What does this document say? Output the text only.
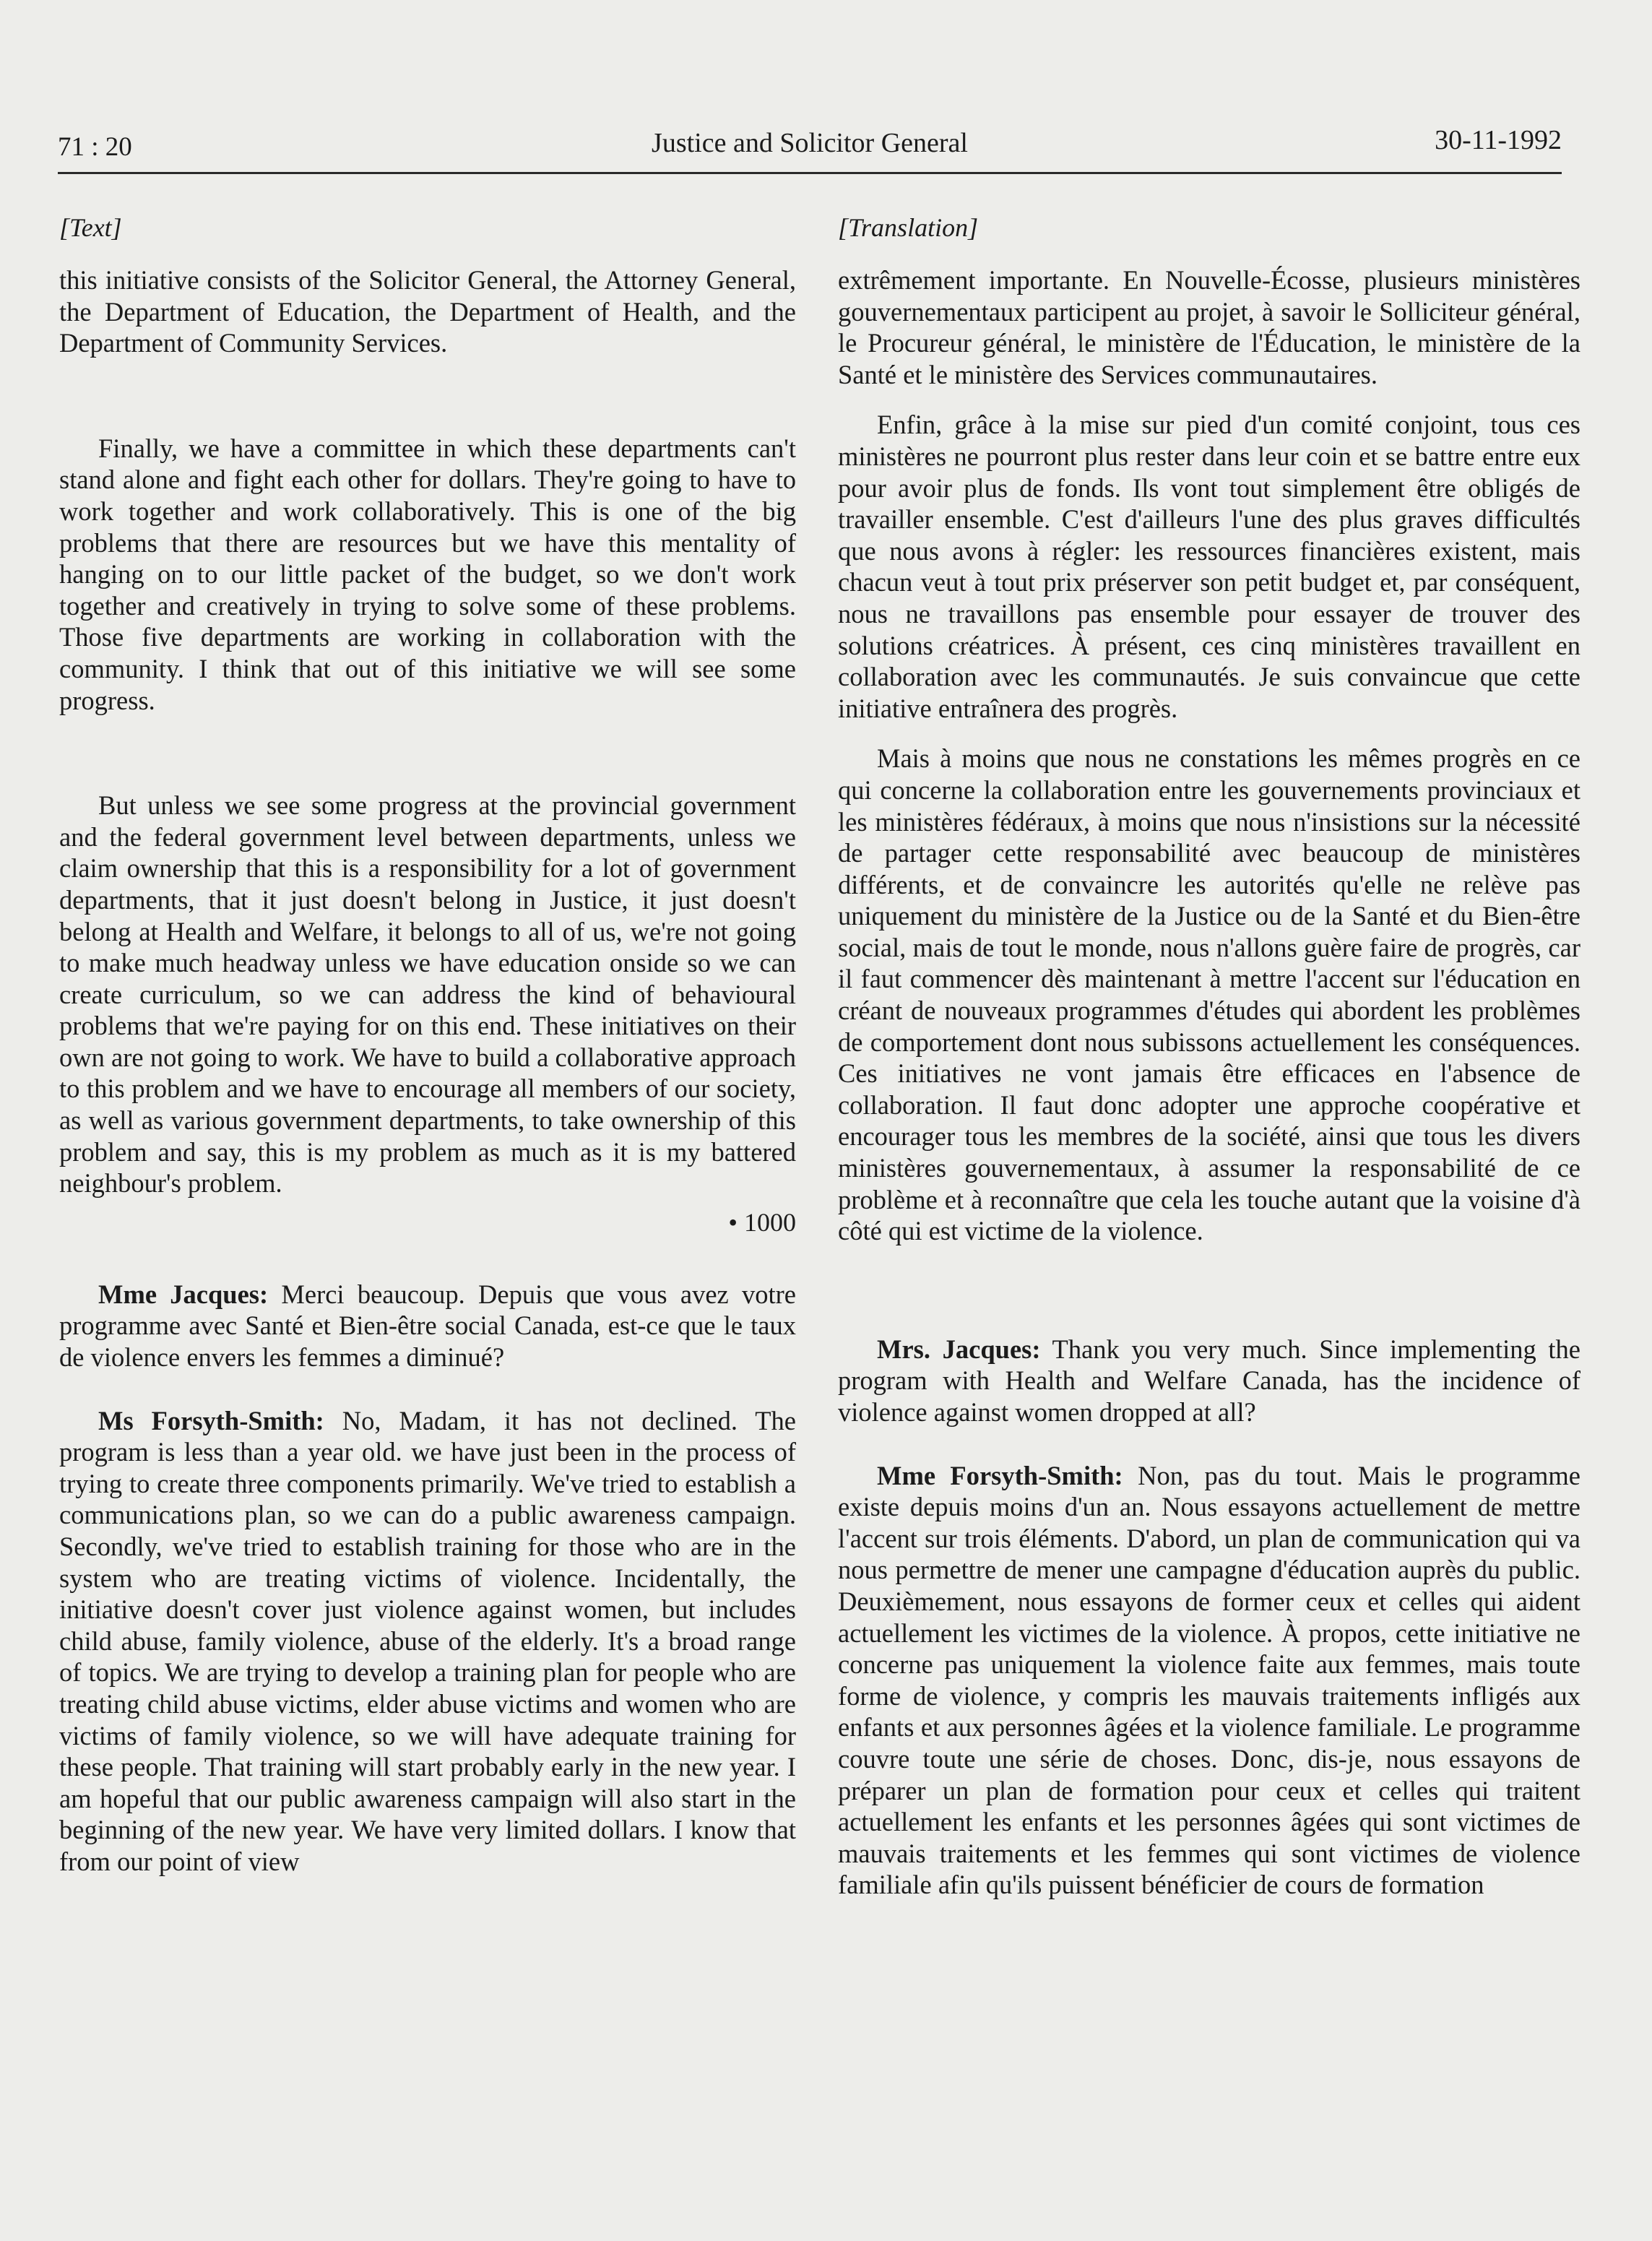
71 : 20	Justice and Solicitor General	30-11-1992
[Text]

this initiative consists of the Solicitor General, the Attorney General, the Department of Education, the Department of Health, and the Department of Community Services.

Finally, we have a committee in which these departments can't stand alone and fight each other for dollars. They're going to have to work together and work collaboratively. This is one of the big problems that there are resources but we have this mentality of hanging on to our little packet of the budget, so we don't work together and creatively in trying to solve some of these problems. Those five departments are working in collaboration with the community. I think that out of this initiative we will see some progress.

But unless we see some progress at the provincial government and the federal government level between departments, unless we claim ownership that this is a responsibility for a lot of government departments, that it just doesn't belong in Justice, it just doesn't belong at Health and Welfare, it belongs to all of us, we're not going to make much headway unless we have education onside so we can create curriculum, so we can address the kind of behavioural problems that we're paying for on this end. These initiatives on their own are not going to work. We have to build a collaborative approach to this problem and we have to encourage all members of our society, as well as various government departments, to take ownership of this problem and say, this is my problem as much as it is my battered neighbour's problem.

• 1000

Mme Jacques: Merci beaucoup. Depuis que vous avez votre programme avec Santé et Bien-être social Canada, est-ce que le taux de violence envers les femmes a diminué?

Ms Forsyth-Smith: No, Madam, it has not declined. The program is less than a year old. we have just been in the process of trying to create three components primarily. We've tried to establish a communications plan, so we can do a public awareness campaign. Secondly, we've tried to establish training for those who are in the system who are treating victims of violence. Incidentally, the initiative doesn't cover just violence against women, but includes child abuse, family violence, abuse of the elderly. It's a broad range of topics. We are trying to develop a training plan for people who are treating child abuse victims, elder abuse victims and women who are victims of family violence, so we will have adequate training for these people. That training will start probably early in the new year. I am hopeful that our public awareness campaign will also start in the beginning of the new year. We have very limited dollars. I know that from our point of view

[Translation]

extrêmement importante. En Nouvelle-Écosse, plusieurs ministères gouvernementaux participent au projet, à savoir le Solliciteur général, le Procureur général, le ministère de l'Éducation, le ministère de la Santé et le ministère des Services communautaires.

Enfin, grâce à la mise sur pied d'un comité conjoint, tous ces ministères ne pourront plus rester dans leur coin et se battre entre eux pour avoir plus de fonds. Ils vont tout simplement être obligés de travailler ensemble. C'est d'ailleurs l'une des plus graves difficultés que nous avons à régler: les ressources financières existent, mais chacun veut à tout prix préserver son petit budget et, par conséquent, nous ne travaillons pas ensemble pour essayer de trouver des solutions créatrices. À présent, ces cinq ministères travaillent en collaboration avec les communautés. Je suis convaincue que cette initiative entraînera des progrès.

Mais à moins que nous ne constations les mêmes progrès en ce qui concerne la collaboration entre les gouvernements provinciaux et les ministères fédéraux, à moins que nous n'insistions sur la nécessité de partager cette responsabilité avec beaucoup de ministères différents, et de convaincre les autorités qu'elle ne relève pas uniquement du ministère de la Justice ou de la Santé et du Bien-être social, mais de tout le monde, nous n'allons guère faire de progrès, car il faut commencer dès maintenant à mettre l'accent sur l'éducation en créant de nouveaux programmes d'études qui abordent les problèmes de comportement dont nous subissons actuellement les conséquences. Ces initiatives ne vont jamais être efficaces en l'absence de collaboration. Il faut donc adopter une approche coopérative et encourager tous les membres de la société, ainsi que tous les divers ministères gouvernementaux, à assumer la responsabilité de ce problème et à reconnaître que cela les touche autant que la voisine d'à côté qui est victime de la violence.

Mrs. Jacques: Thank you very much. Since implementing the program with Health and Welfare Canada, has the incidence of violence against women dropped at all?

Mme Forsyth-Smith: Non, pas du tout. Mais le programme existe depuis moins d'un an. Nous essayons actuellement de mettre l'accent sur trois éléments. D'abord, un plan de communication qui va nous permettre de mener une campagne d'éducation auprès du public. Deuxièmement, nous essayons de former ceux et celles qui aident actuellement les victimes de la violence. À propos, cette initiative ne concerne pas uniquement la violence faite aux femmes, mais toute forme de violence, y compris les mauvais traitements infligés aux enfants et aux personnes âgées et la violence familiale. Le programme couvre toute une série de choses. Donc, dis-je, nous essayons de préparer un plan de formation pour ceux et celles qui traitent actuellement les enfants et les personnes âgées qui sont victimes de mauvais traitements et les femmes qui sont victimes de violence familiale afin qu'ils puissent bénéficier de cours de formation
